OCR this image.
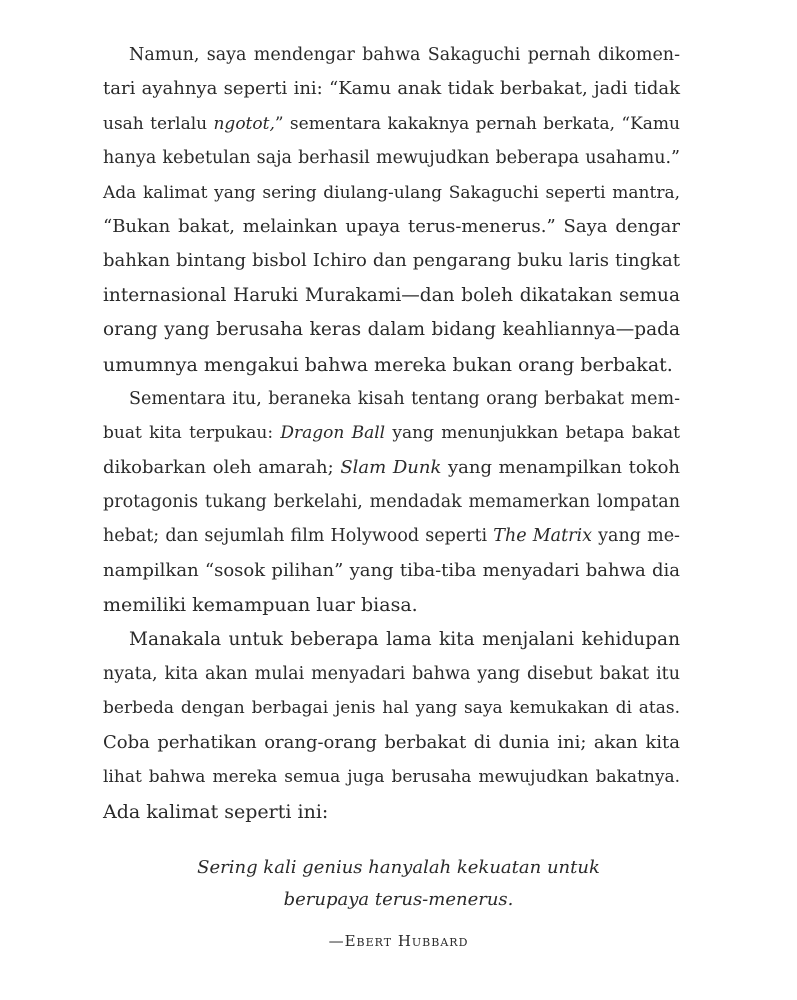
Namun, saya mendengar bahwa Sakaguchi pernah dikomen-
tari ayahnya seperti ini: “Kamu anak tidak berbakat, jadi tidak
usah terlalu ngotot,” sementara kakaknya pernah berkata, “Kamu
hanya kebetulan saja berhasil mewujudkan beberapa usahamu.”
Ada kalimat yang sering diulang-ulang Sakaguchi seperti mantra,
“Bukan bakat, melainkan upaya terus-menerus.” Saya dengar
bahkan bintang bisbol Ichiro dan pengarang buku laris tingkat
internasional Haruki Murakami—dan boleh dikatakan semua
orang yang berusaha keras dalam bidang keahliannya—pada
umumnya mengakui bahwa mereka bukan orang berbakat.
Sementara itu, beraneka kisah tentang orang berbakat mem-
buat kita terpukau: Dragon Ball yang menunjukkan betapa bakat
dikobarkan oleh amarah; Slam Dunk yang menampilkan tokoh
protagonis tukang berkelahi, mendadak memamerkan lompatan
hebat; dan sejumlah film Holywood seperti The Matrix yang me-
nampilkan “sosok pilihan” yang tiba-tiba menyadari bahwa dia
memiliki kemampuan luar biasa.
Manakala untuk beberapa lama kita menjalani kehidupan
nyata, kita akan mulai menyadari bahwa yang disebut bakat itu
berbeda dengan berbagai jenis hal yang saya kemukakan di atas.
Coba perhatikan orang-orang berbakat di dunia ini; akan kita
lihat bahwa mereka semua juga berusaha mewujudkan bakatnya.
Ada kalimat seperti ini:
Sering kali genius hanyalah kekuatan untuk
berupaya terus-menerus.
—Ebert Hubbard
